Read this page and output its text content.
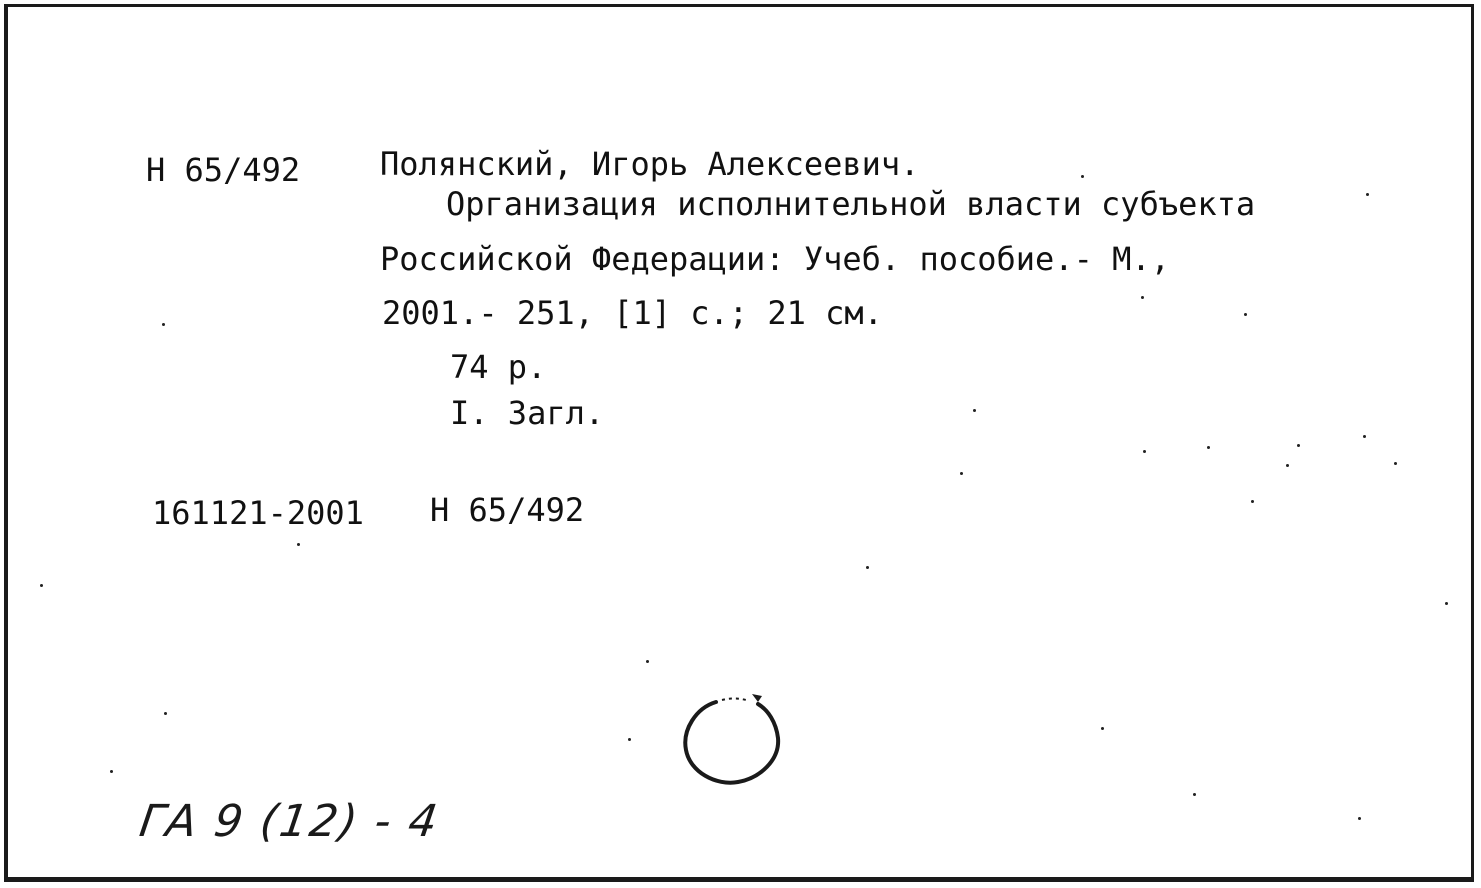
Н 65/492 Полянский, Игорь Алексеевич.
Организация исполнительной власти субъекта
Российской Федерации: Учеб. пособие.- М.,
2001.- 251, [1] с.; 21 см.
74 р.
I. Загл.
161121-2001 Н 65/492
ГА 9 (12) - 4
